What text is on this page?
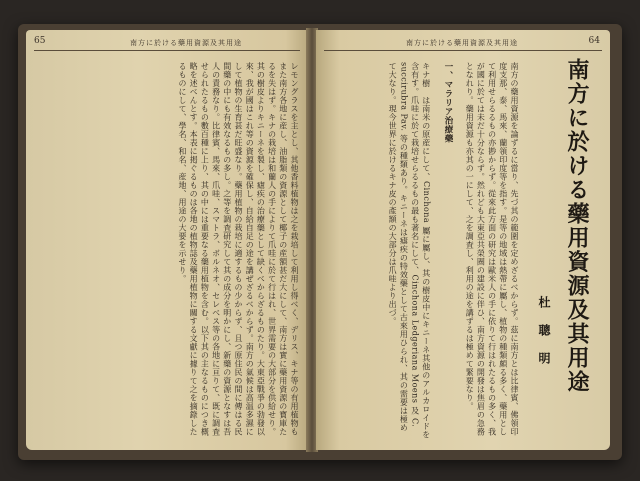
65	南方に於ける藥用資源及其用途
レモングラスを主とし、其他香料植物は之を栽培して利用し得べく、デリス、キナ等の有用植物もまた南方各地に産し、油脂類の資源として椰子の産額甚だ大にして、南方は實に藥用資源の寶庫たるを失はず。キナの栽培は和蘭人の手によりて爪哇に於て行はれ、世界需要の大部分を供給せり。其の樹皮よりキニーネを製し、瘧疾の治療藥として缺くべからざるものたり。大東亞戰爭の勃發以來、我が國はこれ等の資源を確保し、自給自足の途を講ぜざるべからず。南方の氣候は高温多濕にして植物の生育甚だ旺盛なり。藥用植物の栽培に適するもの少からず、且つ原住民の間に傳はる民間藥の中にも有效なるもの多し。之等を調査研究して其の成分を明かにし、新藥の資源となすは吾人の責務なり。比律賓、馬來、爪哇、スマトラ、ボルネオ、セレベス等の各地に亘りて、既に調査せられたるもの數百種に上り、其の中には重要なる藥用植物を含む。以下其の主なるものにつき概略を述べんとす。本表に掲ぐるものは各地の植物誌及藥用植物に關する文獻に據りて之を摘錄したるものにして、學名、和名、産地、用途の大要を示せり。
64
南方に於ける藥用資源及其用途
南方の藥用資源を論ずるに當り、先づ其の範圍を定めざるべからず。茲に南方とは比律賓、佛領印度支那、泰、馬來、蘭領印度等を指す。是等の地域は熱帶に屬し、植物の種類頗る多く、藥用として利用せらるるもの亦尠からず。從來此方面の研究は歐米人の手に依りて行はれたるもの多く、我が國に於ては未だ十分ならず。然れども大東亞共榮圈の建設に伴ひ、南方資源の開發は焦眉の急務となれり。藥用資源も亦其の一にして、之を調査し、利用の途を講ずるは極めて緊要なり。
一、マラリア治療藥
キナ樹　は南米の原産にして、Cinchona 屬に屬し、其の樹皮中にキニーネ其他のアルカロイドを含有す。爪哇に於て栽培せらるるもの最も著名にして、Cinchona Ledgeriana Moens 及 C. succirubra Pav. 等の種類あり。キニーネは瘧疾の特效藥として古來用ひられ、其の需要は極めて大なり。現今世界に於けるキナ皮の產額の大部分は爪哇より出づ。	南方に於ける藥用資源及其用途
杜聰明
